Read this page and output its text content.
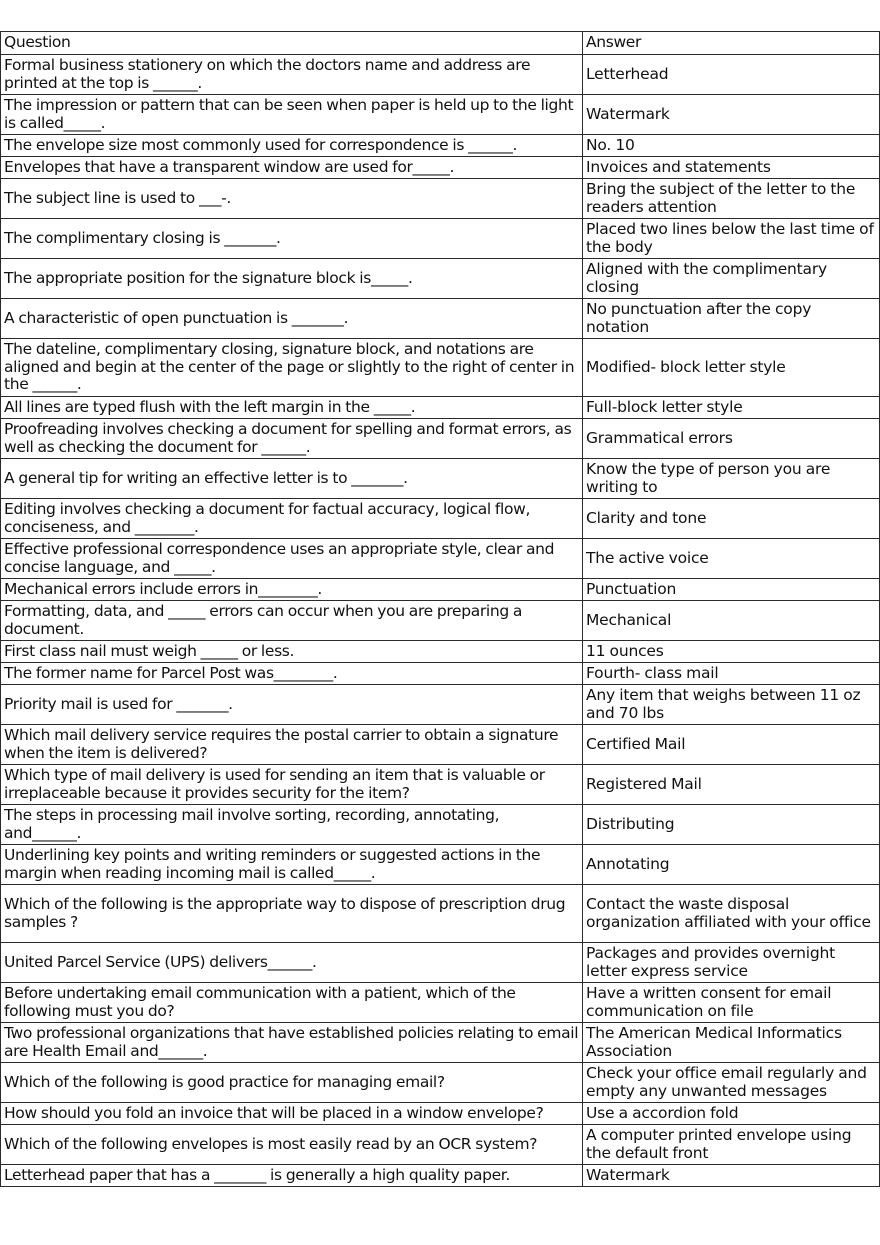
Question	Answer
Formal business stationery on which the doctors name and address are printed at the top is ______.	Letterhead
The impression or pattern that can be seen when paper is held up to the light is called_____.	Watermark
The envelope size most commonly used for correspondence is ______.	No. 10
Envelopes that have a transparent window are used for_____.	Invoices and statements
The subject line is used to ___-.	Bring the subject of the letter to the readers attention
The complimentary closing is _______.	Placed two lines below the last time of the body
The appropriate position for the signature block is_____.	Aligned with the complimentary closing
A characteristic of open punctuation is _______.	No punctuation after the copy notation
The dateline, complimentary closing, signature block, and notations are aligned and begin at the center of the page or slightly to the right of center in the ______.	Modified- block letter style
All lines are typed flush with the left margin in the _____.	Full-block letter style
Proofreading involves checking a document for spelling and format errors, as well as checking the document for ______.	Grammatical errors
A general tip for writing an effective letter is to _______.	Know the type of person you are writing to
Editing involves checking a document for factual accuracy, logical flow, conciseness, and ________.	Clarity and tone
Effective professional correspondence uses an appropriate style, clear and concise language, and _____.	The active voice
Mechanical errors include errors in________.	Punctuation
Formatting, data, and _____ errors can occur when you are preparing a document.	Mechanical
First class nail must weigh _____ or less.	11 ounces
The former name for Parcel Post was________.	Fourth- class mail
Priority mail is used for _______.	Any item that weighs between 11 oz and 70 lbs
Which mail delivery service requires the postal carrier to obtain a signature when the item is delivered?	Certified Mail
Which type of mail delivery is used for sending an item that is valuable or irreplaceable because it provides security for the item?	Registered Mail
The steps in processing mail involve sorting, recording, annotating, and______.	Distributing
Underlining key points and writing reminders or suggested actions in the margin when reading incoming mail is called_____.	Annotating
Which of the following is the appropriate way to dispose of prescription drug samples ?	Contact the waste disposal organization affiliated with your office
United Parcel Service (UPS) delivers______.	Packages and provides overnight letter express service
Before undertaking email communication with a patient, which of the following must you do?	Have a written consent for email communication on file
Two professional organizations that have established policies relating to email are Health Email and______.	The American Medical Informatics Association
Which of the following is good practice for managing email?	Check your office email regularly and empty any unwanted messages
How should you fold an invoice that will be placed in a window envelope?	Use a accordion fold
Which of the following envelopes is most easily read by an OCR system?	A computer printed envelope using the default front
Letterhead paper that has a _______ is generally a high quality paper.	Watermark
